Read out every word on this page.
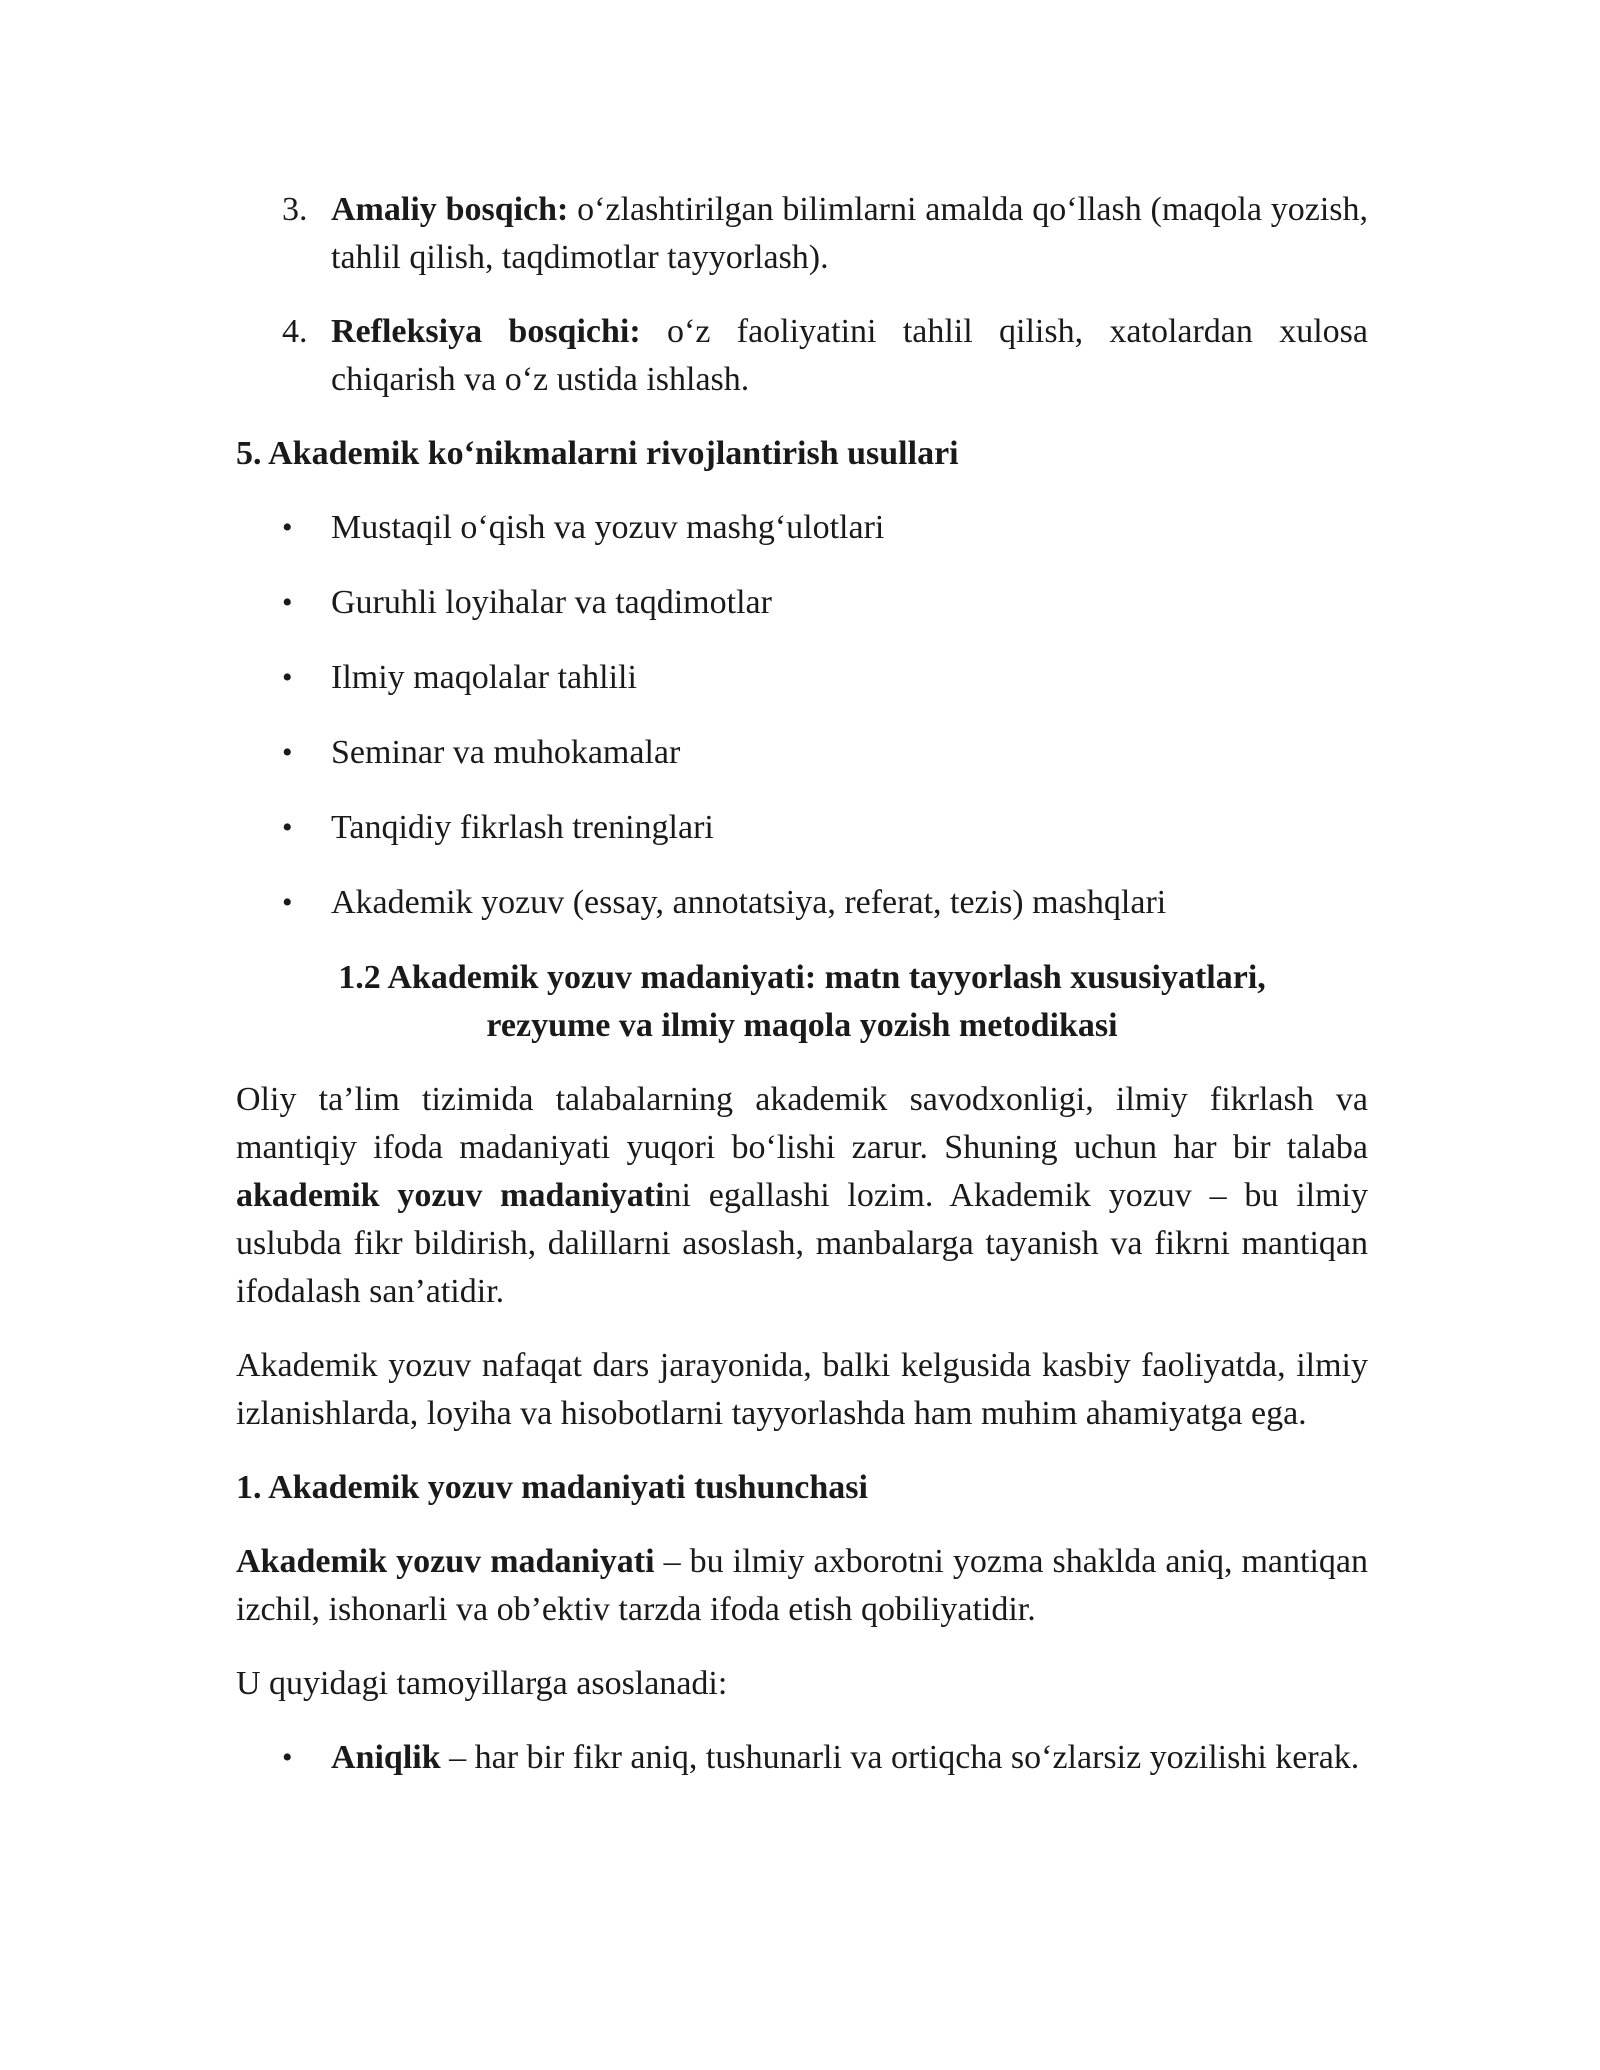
3. Amaliy bosqich: o‘zlashtirilgan bilimlarni amalda qo‘llash (maqola yozish, tahlil qilish, taqdimotlar tayyorlash).
4. Refleksiya bosqichi: o‘z faoliyatini tahlil qilish, xatolardan xulosa chiqarish va o‘z ustida ishlash.
5. Akademik ko‘nikmalarni rivojlantirish usullari
• Mustaqil o‘qish va yozuv mashg‘ulotlari
• Guruhli loyihalar va taqdimotlar
• Ilmiy maqolalar tahlili
• Seminar va muhokamalar
• Tanqidiy fikrlash treninglari
• Akademik yozuv (essay, annotatsiya, referat, tezis) mashqlari
1.2 Akademik yozuv madaniyati: matn tayyorlash xususiyatlari,
rezyume va ilmiy maqola yozish metodikasi
Oliy ta’lim tizimida talabalarning akademik savodxonligi, ilmiy fikrlash va mantiqiy ifoda madaniyati yuqori bo‘lishi zarur. Shuning uchun har bir talaba akademik yozuv madaniyatini egallashi lozim. Akademik yozuv – bu ilmiy uslubda fikr bildirish, dalillarni asoslash, manbalarga tayanish va fikrni mantiqan ifodalash san’atidir.
Akademik yozuv nafaqat dars jarayonida, balki kelgusida kasbiy faoliyatda, ilmiy izlanishlarda, loyiha va hisobotlarni tayyorlashda ham muhim ahamiyatga ega.
1. Akademik yozuv madaniyati tushunchasi
Akademik yozuv madaniyati – bu ilmiy axborotni yozma shaklda aniq, mantiqan izchil, ishonarli va ob’ektiv tarzda ifoda etish qobiliyatidir.
U quyidagi tamoyillarga asoslanadi:
• Aniqlik – har bir fikr aniq, tushunarli va ortiqcha so‘zlarsiz yozilishi kerak.
